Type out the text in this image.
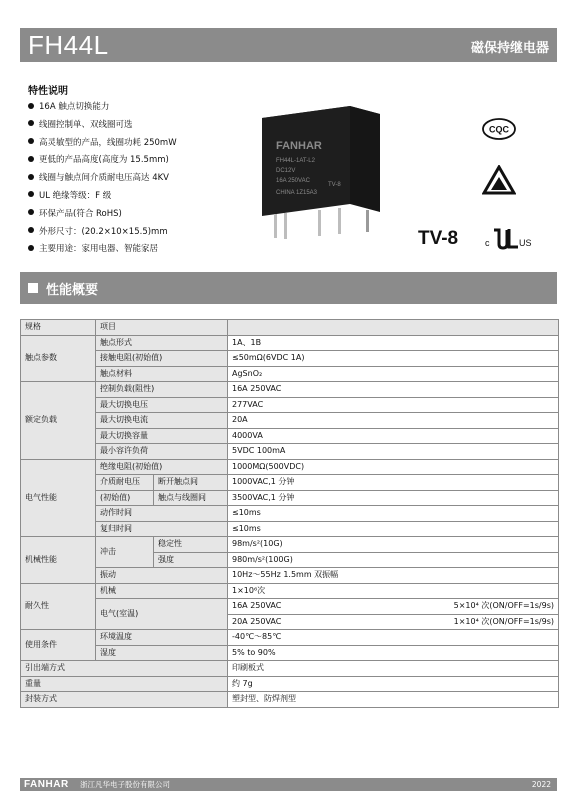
FH44L	磁保持继电器
特性说明
16A 触点切换能力
线圈控制单、双线圈可选
高灵敏型的产品，线圈功耗 250mW
更低的产品高度(高度为 15.5mm)
线圈与触点间介质耐电压高达 4KV
UL 绝缘等级：F 级
环保产品(符合 RoHS)
外形尺寸：(20.2×10×15.5)mm
主要用途：家用电器、智能家居
FANHAR
FH44L-1AT-L2
DC12V
16A 250VAC
TV-8
CHINA 1Z15A3
CQC
TV-8	c	US
性能概要
规格	项目		
触点参数	触点形式		1A、1B
	接触电阻(初始值)		≤50mΩ(6VDC 1A)
	触点材料		AgSnO₂
额定负载	控制负载(阻性)		16A 250VAC
	最大切换电压		277VAC
	最大切换电流		20A
	最大切换容量		4000VA
	最小容许负荷		5VDC 100mA
电气性能	绝缘电阻(初始值)		1000MΩ(500VDC)
	介质耐电压	断开触点间	1000VAC,1 分钟
	(初始值)	触点与线圈间	3500VAC,1 分钟
	动作时间		≤10ms
	复归时间		≤10ms
机械性能	冲击	稳定性	98m/s²(10G)
		强度	980m/s²(100G)
	振动		10Hz～55Hz 1.5mm 双振幅
耐久性	机械		1×10⁶次
	电气(室温)		16A 250VAC 5×10⁴ 次(ON/OFF=1s/9s)

			20A 250VAC 1×10⁴ 次(ON/OFF=1s/9s)

使用条件	环境温度		-40℃～85℃
	湿度		5% to 90%
引出端方式			印刷板式
重量			约 7g
封装方式			塑封型、防焊剂型
FANHAR 浙江凡华电子股份有限公司	2022
